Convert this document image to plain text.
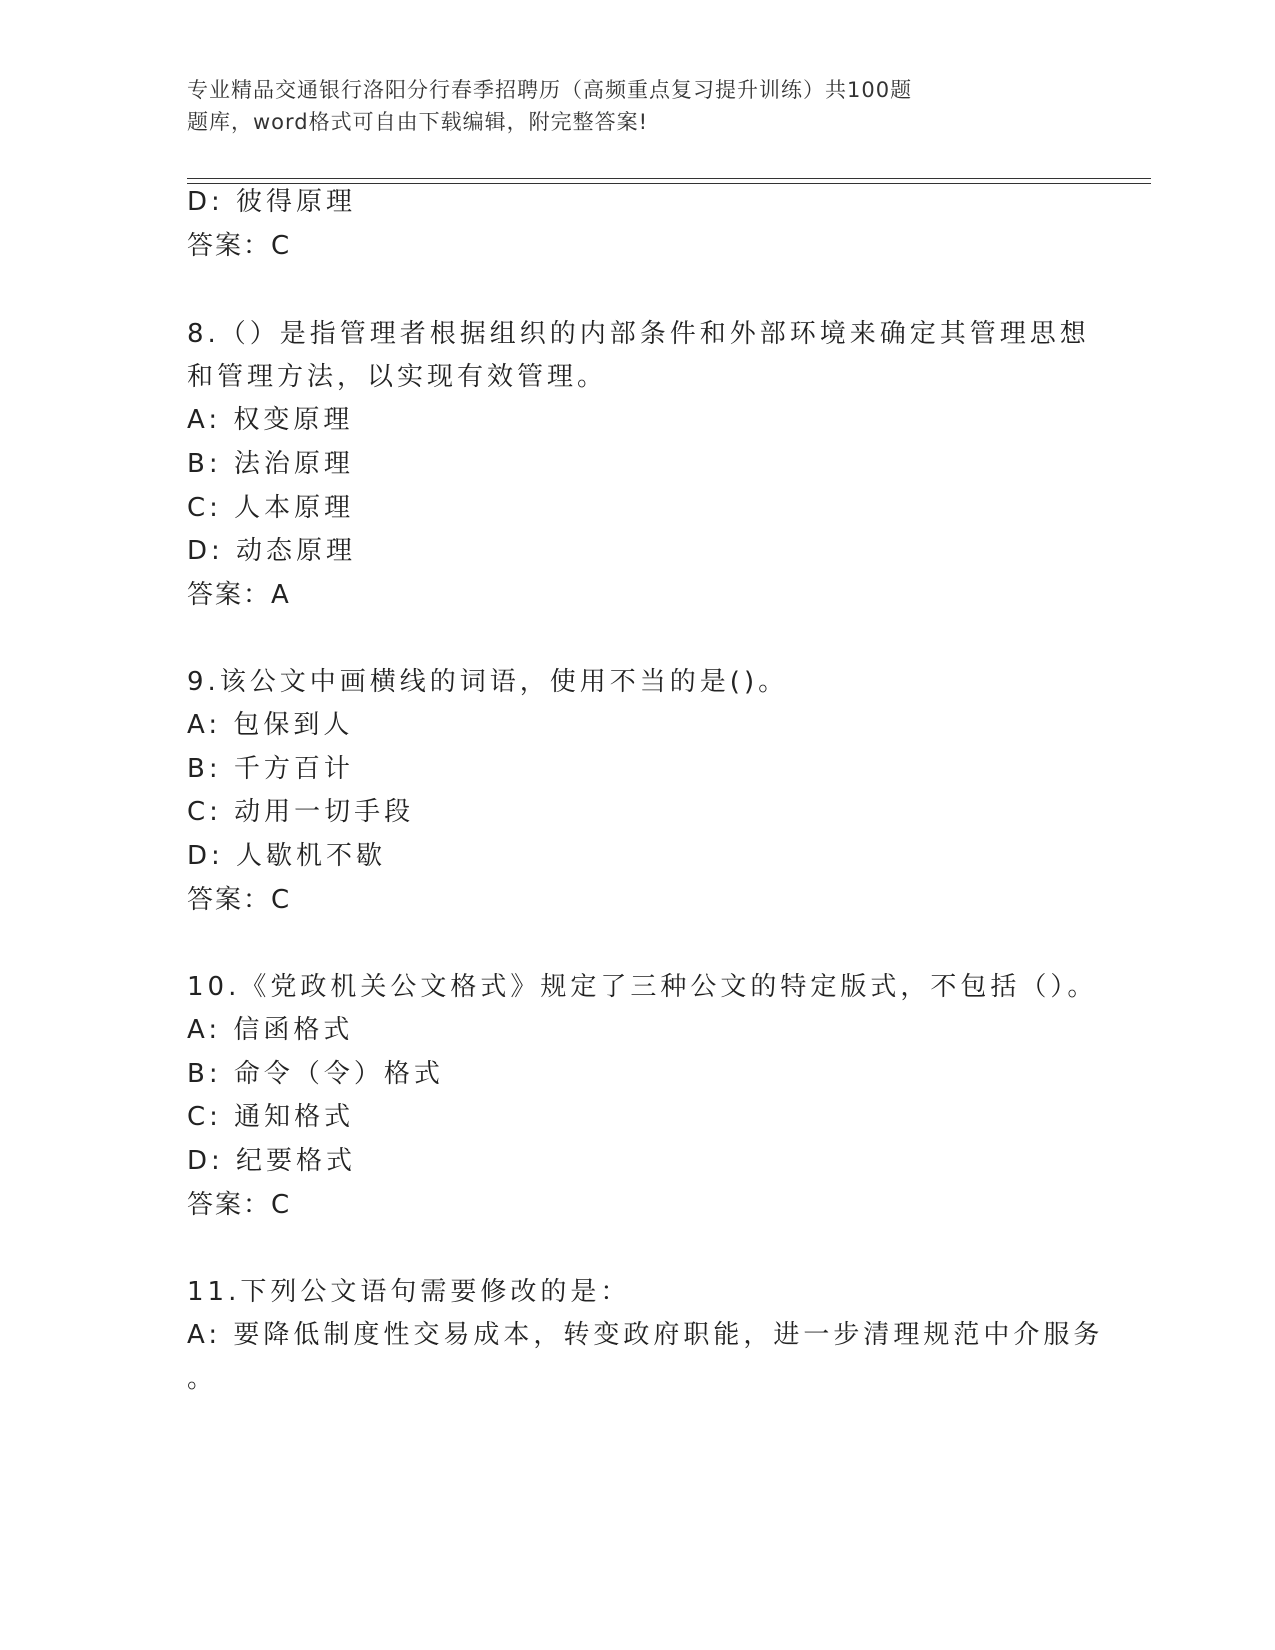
专业精品交通银行洛阳分行春季招聘历（高频重点复习提升训练）共100题
题库，word格式可自由下载编辑，附完整答案!
D: 彼得原理
答案：C
8.（）是指管理者根据组织的内部条件和外部环境来确定其管理思想
和管理方法，以实现有效管理。
A: 权变原理
B: 法治原理
C: 人本原理
D: 动态原理
答案：A
9.该公文中画横线的词语，使用不当的是()。
A: 包保到人
B: 千方百计
C: 动用一切手段
D: 人歇机不歇
答案：C
10.《党政机关公文格式》规定了三种公文的特定版式，不包括（）。
A: 信函格式
B: 命令（令）格式
C: 通知格式
D: 纪要格式
答案：C
11.下列公文语句需要修改的是：
A: 要降低制度性交易成本，转变政府职能，进一步清理规范中介服务
。
